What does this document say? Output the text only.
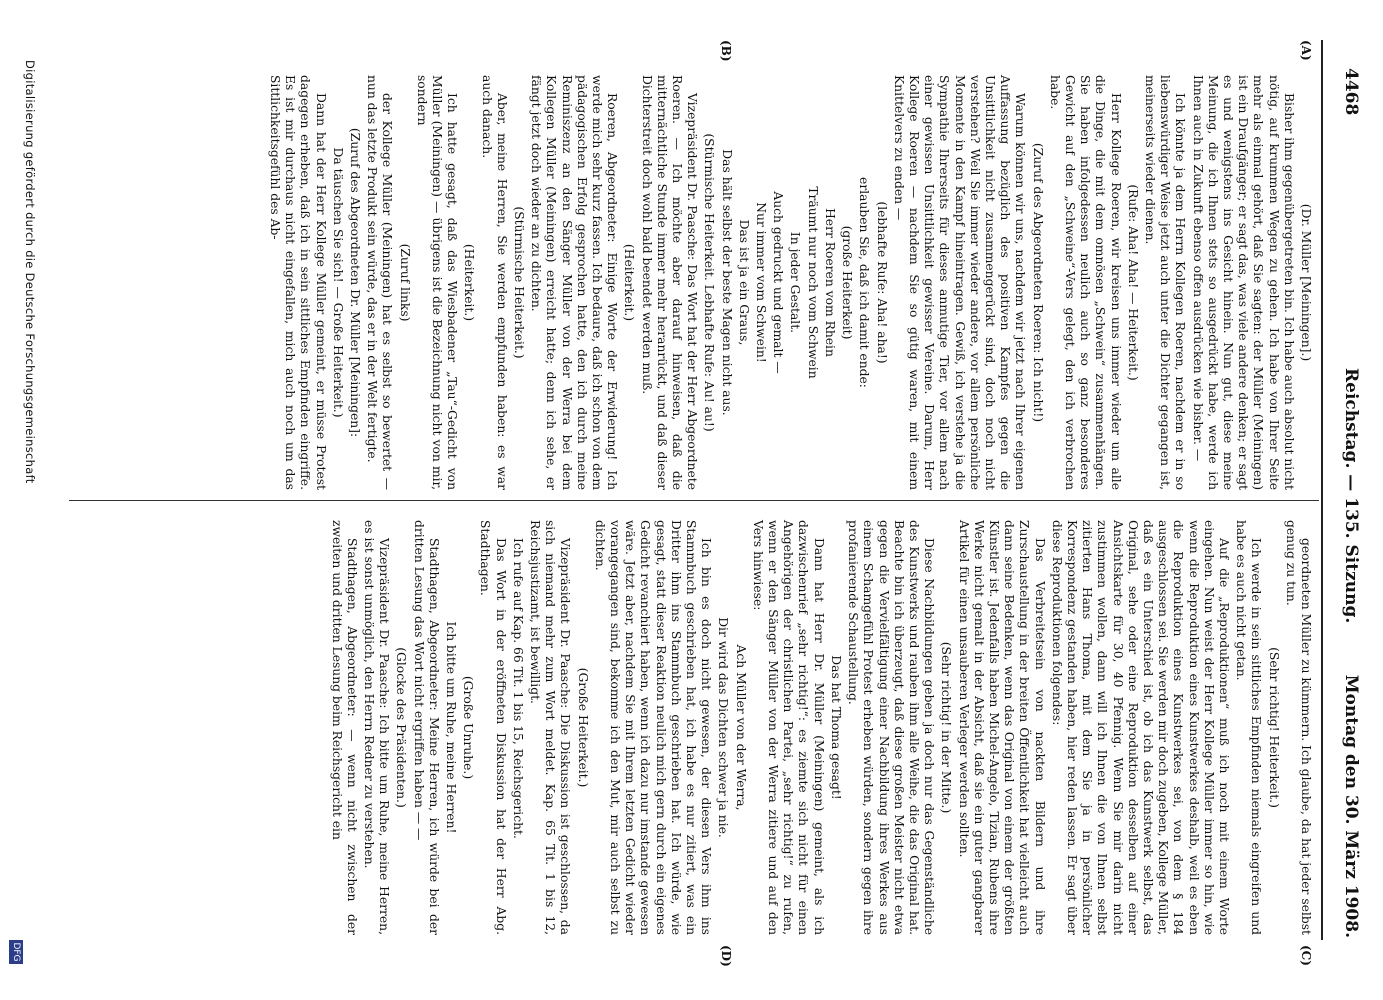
4468
Reichstag. — 135. Sitzung.
Montag den 30. März 1908.
(A)
(B)
(C)
(D)

(Dr. Müller [Meiningen].)

Bisher ihm gegenübergetreten bin. Ich habe auch absolut nicht nötig, auf krummen Wegen zu gehen. Ich habe von Ihrer Seite mehr als einmal gehört, daß Sie sagten: der Müller (Meiningen) ist ein Draufgänger; er sagt das, was viele andere denken; er sagt es und wenigstens ins Gesicht hinein. Nun gut, diese meine Meinung, die ich Ihnen stets so ausgedrückt habe, werde ich Ihnen auch in Zukunft ebenso offen ausdrücken wie bisher. —

Ich könnte ja dem Herrn Kollegen Roeren, nachdem er in so liebenswürdiger Weise jetzt auch unter die Dichter gegangen ist, meinerseits wieder dienen.

(Rufe: Aha! Aha! — Heiterkeit.)

Herr Kollege Roeren, wir kreisen uns immer wieder um alle die Dinge, die mit dem omnösen „Schwein“ zusammenhängen. Sie haben infolgedessen neulich auch so ganz besonderes Gewicht auf den „Schweine“-Vers gelegt, den ich verbrochen habe.

(Zuruf des Abgeordneten Roeren: Ich nicht!)

Warum können wir uns, nachdem wir jetzt nach Ihrer eigenen Auffassung bezüglich des positiven Kampfes gegen die Unsittlichkeit nicht zusammengerückt sind, doch noch nicht verstehen? Weil Sie immer wieder andere, vor allem persönliche Momente in den Kampf hineintragen. Gewiß, ich verstehe ja die Sympathie Ihrerseits für dieses anmutige Tier, vor allem nach einer gewissen Unsittlichkeit gewisser Vereine. Darum, Herr Kollege Roeren — nachdem Sie so gütig waren, mit einem Knittelvers zu enden —

(lebhafte Rufe: Aha! aha!)

erlauben Sie, daß ich damit ende:

(große Heiterkeit)

Herr Roeren vom Rhein

Träumt nur noch vom Schwein

In jeder Gestalt.

Auch gedruckt und gemalt —

Nur immer vom Schwein!

Das ist ja ein Graus,

Das hält selbst der beste Magen nicht aus.

(Stürmische Heiterkeit. Lebhafte Rufe: Au! au!)

Vizepräsident Dr. Paasche: Das Wort hat der Herr Abgeordnete Roeren. — Ich möchte aber darauf hinweisen, daß die mitternächtliche Stunde immer mehr heranrückt, und daß dieser Dichterstreit doch wohl bald beendet werden muß.

(Heiterkeit.)

Roeren, Abgeordneter: Einige Worte der Erwiderung! Ich werde mich sehr kurz fassen. Ich bedaure, daß ich schon von dem pädagogischen Erfolg gesprochen hatte, den ich durch meine Reminiszenz an den Sänger Müller von der Werra bei dem Kollegen Müller (Meiningen) erreicht hatte; denn ich sehe, er fängt jetzt doch wieder an zu dichten.

(Stürmische Heiterkeit.)

Aber, meine Herren, Sie werden empfunden haben: es war auch danach.

(Heiterkeit.)

Ich hatte gesagt, daß das Wiesbadener „Tau“-Gedicht von Müller (Meiningen) — übrigens ist die Bezeichnung nicht von mir, sondern

(Zuruf links)

der Kollege Müller (Meiningen) hat es selbst so bewertet — nun das letzte Produkt sein würde, das er in der Welt fertigte.

(Zuruf des Abgeordneten Dr. Müller [Meiningen]:

Da täuschen Sie sich! — Große Heiterkeit.)

Dann hat der Herr Kollege Müller gemeint, er müsse Protest dagegen erheben, daß ich in sein sittliches Empfinden eingriffe. Es ist mir durchaus nicht eingefallen, mich auch noch um das Sittlichkeitsgefühl des Ab-

geordneten Müller zu kümmern. Ich glaube, da hat jeder selbst genug zu tun.

(Sehr richtig! Heiterkeit.)

Ich werde in sein sittliches Empfinden niemals eingreifen und habe es auch nicht getan.

Auf die „Reproduktionen“ muß ich noch mit einem Worte eingehen. Nun weist der Herr Kollege Müller immer so hin, wie wenn die Reproduktion eines Kunstwerkes deshalb, weil es eben die Reproduktion eines Kunstwerkes sei, von dem § 184 ausgeschlossen sei. Sie werden mir doch zugeben, Kollege Müller, daß es ein Unterschied ist, ob ich das Kunstwerk selbst, das Original, sehe oder eine Reproduktion desselben auf einer Ansichtskarte für 30, 40 Pfennig. Wenn Sie mir darin nicht zustimmen wollen, dann will ich Ihnen die von Ihnen selbst zitierten Hans Thoma, mit dem Sie ja in persönlicher Korrespondenz gestanden haben, hier reden lassen. Er sagt über diese Reproduktionen folgendes:

Das Verbreitetsein von nackten Bildern und ihre Zurschaustellung in der breiten Öffentlichkeit hat vielleicht auch dann seine Bedenken, wenn das Original von einem der größten Künstler ist. Jedenfalls haben Michel-Angelo, Tizian, Rubens ihre Werke nicht gemalt in der Absicht, daß sie ein guter gangbarer Artikel für einen unsauberen Verleger werden sollten.

(Sehr richtig! in der Mitte.)

Diese Nachbildungen geben ja doch nur das Gegenständliche des Kunstwerks und rauben ihm alle Weihe, die das Original hat. Beachte bin ich überzeugt, daß diese großen Meister nicht etwa gegen die Vervielfältigung einer Nachbildung ihres Werkes aus einem Schamgefühl Protest erheben würden, sondern gegen ihre profanierende Schaustellung.

Das hat Thoma gesagt!

Dann hat Herr Dr. Müller (Meiningen) gemeint, als ich dazwischenrief „sehr richtig!“: es ziemte sich nicht für einen Angehörigen der christlichen Partei, „sehr richtig!“ zu rufen, wenn er den Sänger Müller von der Werra zitiere und auf den Vers hinwiese:

Ach Müller von der Werra,

Dir wird das Dichten schwer ja nie.

Ich bin es doch nicht gewesen, der diesen Vers ihm ins Stammbuch geschrieben hat, ich habe es nur zitiert, was ein Dritter ihm ins Stammbuch geschrieben hat. Ich würde, wie gesagt, statt dieser Reaktion neulich mich gern durch ein eigenes Gedicht revanchiert haben, wenn ich dazu nur imstande gewesen wäre. Jetzt aber, nachdem Sie mit Ihrem letzten Gedicht wieder vorangegangen sind, bekomme ich den Mut, mir auch selbst zu dichten.

(Große Heiterkeit.)

Vizepräsident Dr. Paasche: Die Diskussion ist geschlossen, da sich niemand mehr zum Wort meldet. Kap. 65 Tit. 1 bis 12, Reichsjustizamt, ist bewilligt.

Ich rufe auf Kap. 66 Tit. 1 bis 15, Reichsgericht.

Das Wort in der eröffneten Diskussion hat der Herr Abg. Stadthagen.

(Große Unruhe.)

Ich bitte um Ruhe, meine Herren!

Stadthagen, Abgeordneter: Meine Herren, ich würde bei der dritten Lesung das Wort nicht ergriffen haben — —

(Glocke des Präsidenten.)

Vizepräsident Dr. Paasche: Ich bitte um Ruhe, meine Herren, es ist sonst unmöglich, den Herrn Redner zu verstehen.

Stadthagen, Abgeordneter: — wenn nicht zwischen der zweiten und dritten Lesung beim Reichsgericht ein

Digitalisierung gefördert durch die Deutsche Forschungsgemeinschaft
DFG
